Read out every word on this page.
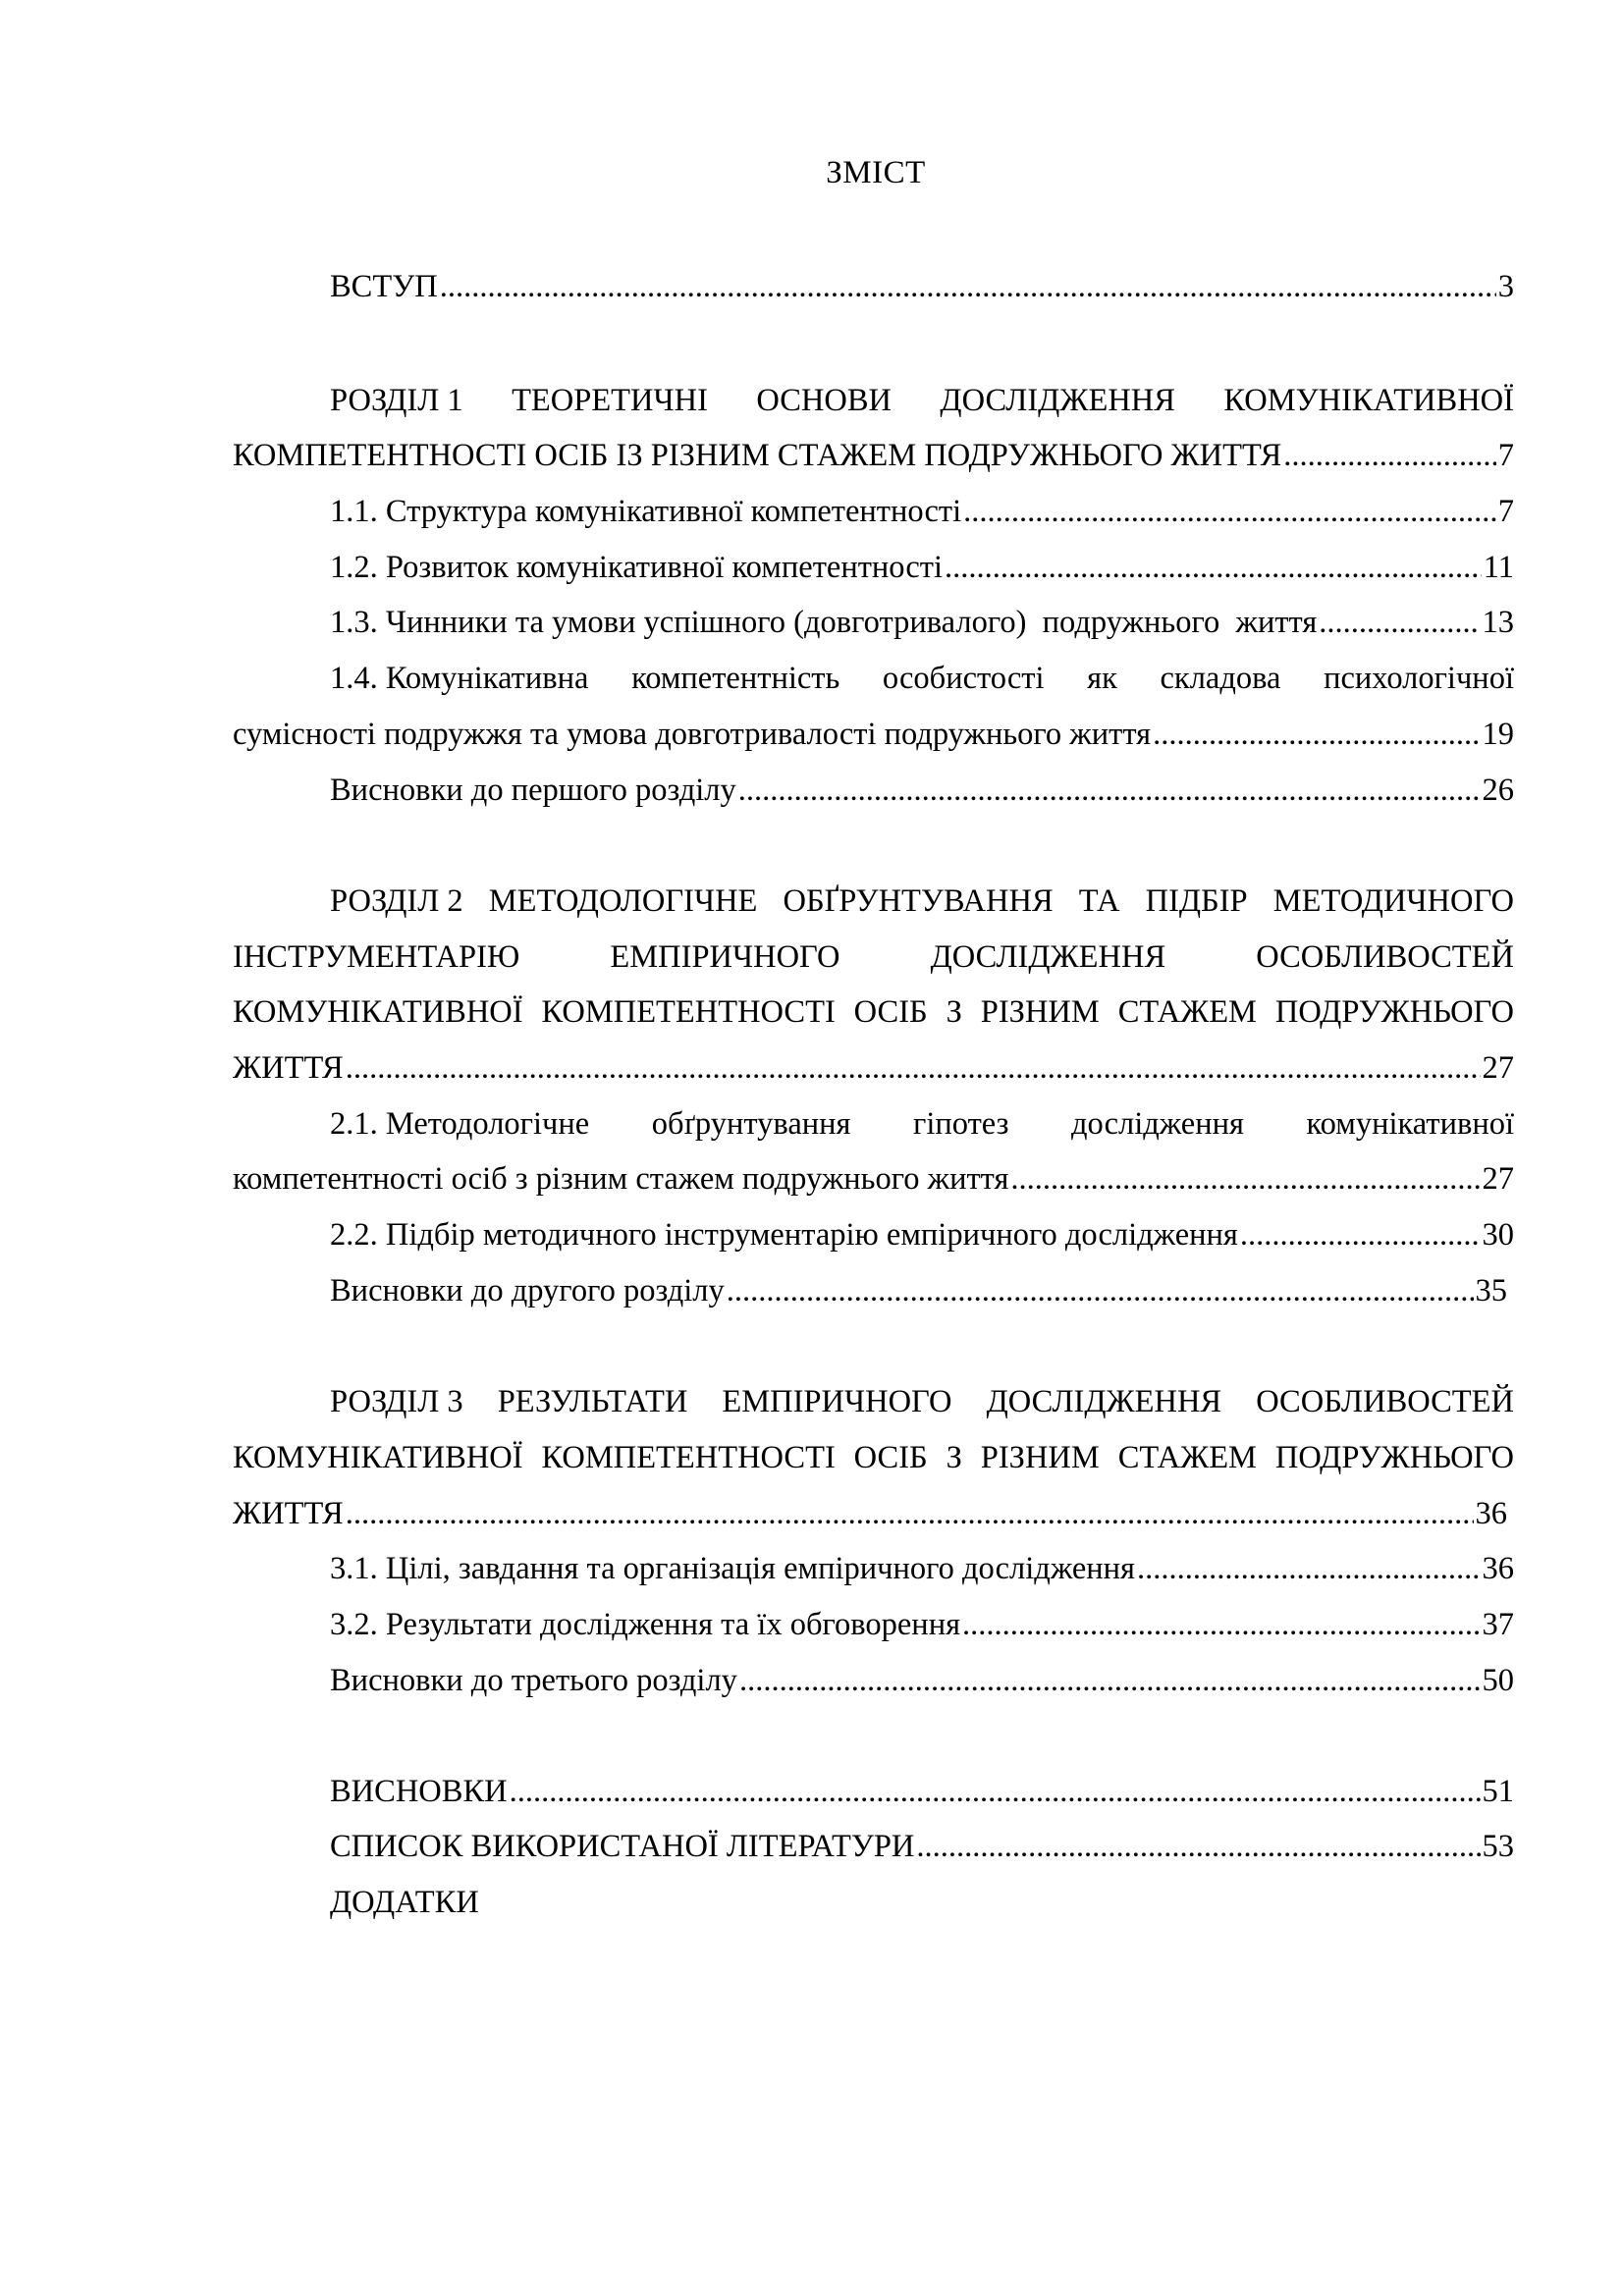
ЗМІСТ
ВСТУП .....	3
РОЗДІЛ 1 ТЕОРЕТИЧНІ ОСНОВИ ДОСЛІДЖЕННЯ КОМУНІКАТИВНОЇ
КОМПЕТЕНТНОСТІ ОСІБ ІЗ РІЗНИМ СТАЖЕМ ПОДРУЖНЬОГО ЖИТТЯ .....	7
1.1. Структура комунікативної компетентності .....	7
1.2. Розвиток комунікативної компетентності .....	11
1.3. Чинники та умови успішного (довготривалого)  подружнього  життя .....	13
1.4. Комунікативна компетентність особистості як складова психологічної
сумісності подружжя та умова довготривалості подружнього життя .....	19
Висновки до першого розділу .....	26
РОЗДІЛ 2 МЕТОДОЛОГІЧНЕ ОБҐРУНТУВАННЯ ТА ПІДБІР МЕТОДИЧНОГО
ІНСТРУМЕНТАРІЮ	ЕМПІРИЧНОГО	ДОСЛІДЖЕННЯ	ОСОБЛИВОСТЕЙ
КОМУНІКАТИВНОЇ КОМПЕТЕНТНОСТІ ОСІБ З РІЗНИМ СТАЖЕМ ПОДРУЖНЬОГО
ЖИТТЯ .....	27
2.1. Методологічне обґрунтування гіпотез дослідження комунікативної
компетентності осіб з різним стажем подружнього життя .....	27
2.2. Підбір методичного інструментарію емпіричного дослідження .....	30
Висновки до другого розділу .....	35
РОЗДІЛ 3 РЕЗУЛЬТАТИ ЕМПІРИЧНОГО ДОСЛІДЖЕННЯ ОСОБЛИВОСТЕЙ
КОМУНІКАТИВНОЇ КОМПЕТЕНТНОСТІ ОСІБ З РІЗНИМ СТАЖЕМ ПОДРУЖНЬОГО
ЖИТТЯ .....	36
3.1. Цілі, завдання та організація емпіричного дослідження .....	36
3.2. Результати дослідження та їх обговорення .....	37
Висновки до третього розділу .....	50
ВИСНОВКИ .....	51
СПИСОК ВИКОРИСТАНОЇ ЛІТЕРАТУРИ .....	53
ДОДАТКИ
